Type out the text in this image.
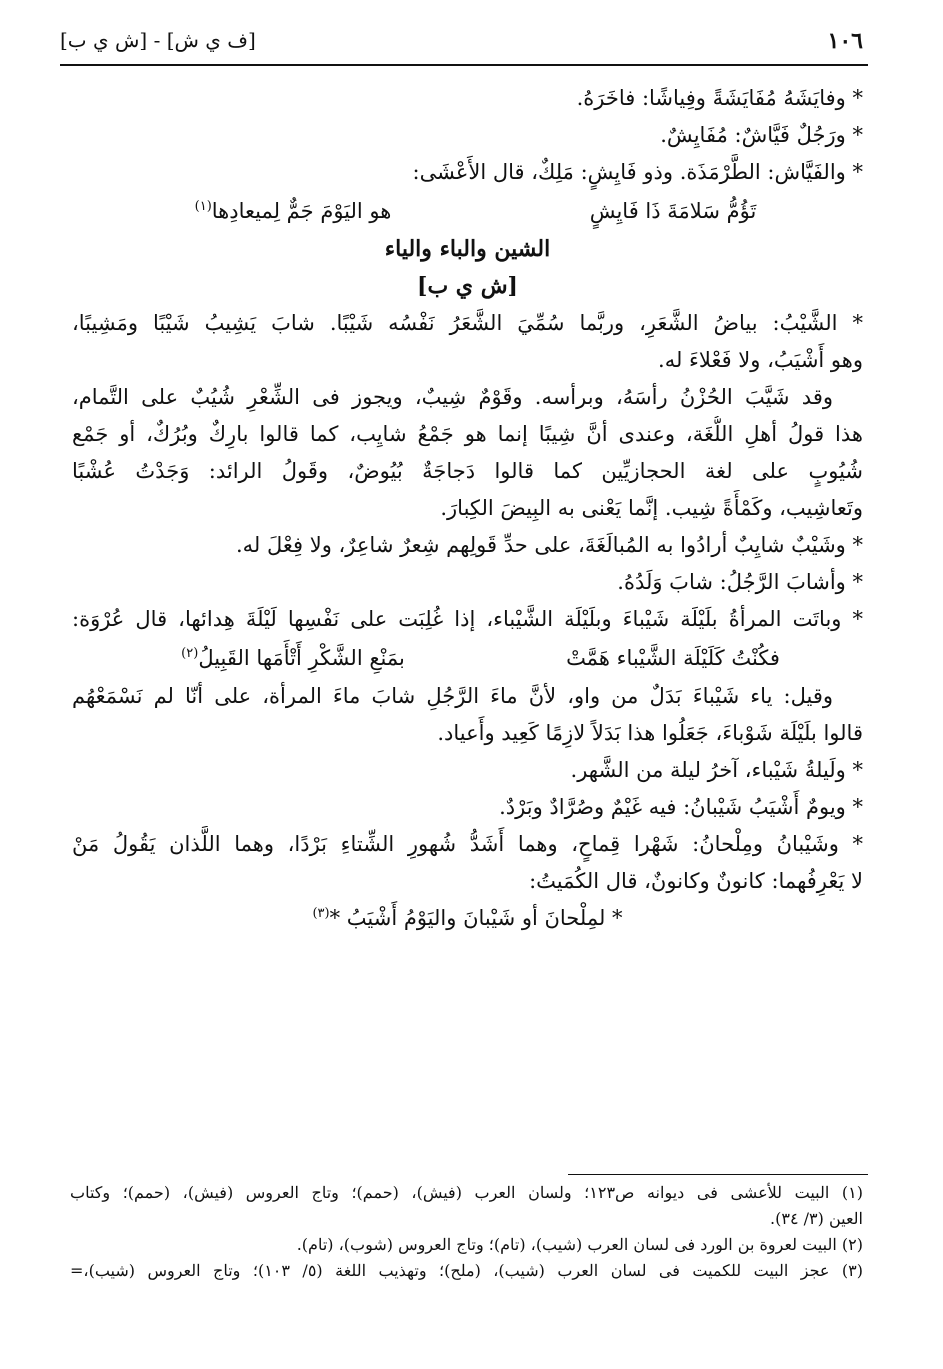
١٠٦
[ف ي ش] - [ش ي ب]
* وفايَشَهُ مُفَايَشَةً وفِياشًا: فاخَرَهُ.
* ورَجُلٌ فَيَّاشٌ: مُفَايِشٌ.
* والفَيَّاش: الطَّرْمَذَة. وذو فَايِشٍ: مَلِكٌ، قال الأَعْشَى:
تَؤُمُّ سَلامَةَ ذَا فَايِشٍ
هو اليَوْمَ جَمٌّ لِميعادِها$^{(١)}$
الشين والباء والياء
[ش ي ب]
* الشَّيْبُ: بياضُ الشَّعَرِ، وربَّما سُمِّيَ الشَّعَرُ نَفْسُه شَيْبًا. شابَ يَشِيبُ شَيْبًا ومَشِيبًا،
وهو أَشْيَبُ، ولا فَعْلاءَ له.
وقد شَيَّبَ الحُزْنُ رأسَهُ، وبرأسه. وقَوْمٌ شِيبٌ، ويجوز فى الشِّعْرِ شُيُبٌ على التَّمام،
هذا قولُ أهلِ اللُّغَة، وعندى أنَّ شِيبًا إنما هو جَمْعُ شايِب، كما قالوا بارِكٌ وبُرُكٌ، أو جَمْع
شُيُوبٍ على لغة الحجازيِّين كما قالوا دَجاجَةٌ بُيُوضٌ، وقَولُ الرائد: وَجَدْتُ عُشْبًا
وتَعاشِيب، وكَمْأَةً شِيب. إنَّما يَعْنى به البِيضَ الكِبارَ.
* وشَيْبٌ شايِبٌ أرادُوا به المُبالَغَةَ، على حدِّ قَولِهم شِعرٌ شاعِرٌ، ولا فِعْلَ له.
* وأشابَ الرَّجُلُ: شابَ وَلَدُهُ.
* وباتَت المرأةُ بلَيْلَة شَيْباءَ وبلَيْلَة الشَّيْباء، إذا غُلِبَت على نَفْسِها لَيْلَةَ هِدائها، قال عُرْوَة:
فكُنْتُ كَلَيْلَة الشَّيْباء هَمَّتْ
بمَنْعِ الشَّكْرِ أَتْأَمَها القَبِيلُ$^{(٢)}$
وقيل: ياء شَيْباءَ بَدَلٌ من واو، لأنَّ ماءَ الرَّجُلِ شابَ ماءَ المرأة، على أنّا لم نَسْمَعْهُم
قالوا بلَيْلَة شَوْباءَ، جَعَلُوا هذا بَدَلاً لازِمًا كَعِيد وأَعياد.
* ولَيلةُ شَيْباء، آخرُ ليلة من الشَّهر.
* ويومٌ أَشْيَبُ شَيْبانُ: فيه غَيْمٌ وصُرَّادٌ وبَرْدٌ.
* وشَيْبانُ ومِلْحانُ: شَهْرا قِماحٍ، وهما أَشَدُّ شُهورِ الشِّتاءِ بَرْدًا، وهما اللَّذان يَقُولُ مَنْ
لا يَعْرِفُهما: كانونٌ وكانونٌ، قال الكُمَيتُ:
* لمِلْحانَ أو شَيْبانَ واليَوْمُ أَشْيَبُ *$^{(٣)}$
(١) البيت للأعشى فى ديوانه ص١٢٣؛ ولسان العرب (فيش)، (حمم)؛ وتاج العروس (فيش)، (حمم)؛ وكتاب
العين (٣/ ٣٤).
(٢) البيت لعروة بن الورد فى لسان العرب (شيب)، (تام)؛ وتاج العروس (شوب)، (تام).
(٣) عجز البيت للكميت فى لسان العرب (شيب)، (ملح)؛ وتهذيب اللغة (٥/ ١٠٣)؛ وتاج العروس (شيب)،=
